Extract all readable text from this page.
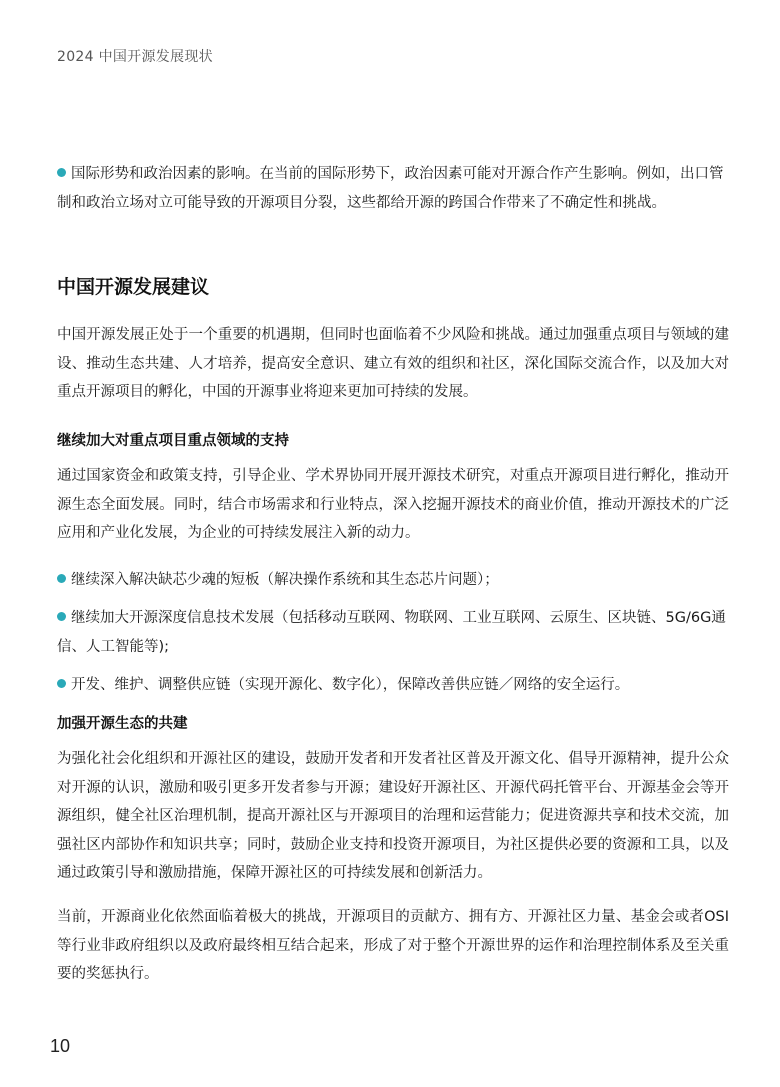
2024 中国开源发展现状

国际形势和政治因素的影响。在当前的国际形势下，政治因素可能对开源合作产生影响。例如，出口管制和政治立场对立可能导致的开源项目分裂，这些都给开源的跨国合作带来了不确定性和挑战。

中国开源发展建议

中国开源发展正处于一个重要的机遇期，但同时也面临着不少风险和挑战。通过加强重点项目与领域的建设、推动生态共建、人才培养，提高安全意识、建立有效的组织和社区，深化国际交流合作，以及加大对重点开源项目的孵化，中国的开源事业将迎来更加可持续的发展。

继续加大对重点项目重点领域的支持

通过国家资金和政策支持，引导企业、学术界协同开展开源技术研究，对重点开源项目进行孵化，推动开源生态全面发展。同时，结合市场需求和行业特点，深入挖掘开源技术的商业价值，推动开源技术的广泛应用和产业化发展，为企业的可持续发展注入新的动力。

继续深入解决缺芯少魂的短板（解决操作系统和其生态芯片问题）；

继续加大开源深度信息技术发展（包括移动互联网、物联网、工业互联网、云原生、区块链、5G/6G通信、人工智能等);

开发、维护、调整供应链（实现开源化、数字化），保障改善供应链／网络的安全运行。

加强开源生态的共建

为强化社会化组织和开源社区的建设，鼓励开发者和开发者社区普及开源文化、倡导开源精神，提升公众对开源的认识，激励和吸引更多开发者参与开源；建设好开源社区、开源代码托管平台、开源基金会等开源组织，健全社区治理机制，提高开源社区与开源项目的治理和运营能力；促进资源共享和技术交流，加强社区内部协作和知识共享；同时，鼓励企业支持和投资开源项目，为社区提供必要的资源和工具，以及通过政策引导和激励措施，保障开源社区的可持续发展和创新活力。

当前，开源商业化依然面临着极大的挑战，开源项目的贡献方、拥有方、开源社区力量、基金会或者OSI等行业非政府组织以及政府最终相互结合起来，形成了对于整个开源世界的运作和治理控制体系及至关重要的奖惩执行。

10
